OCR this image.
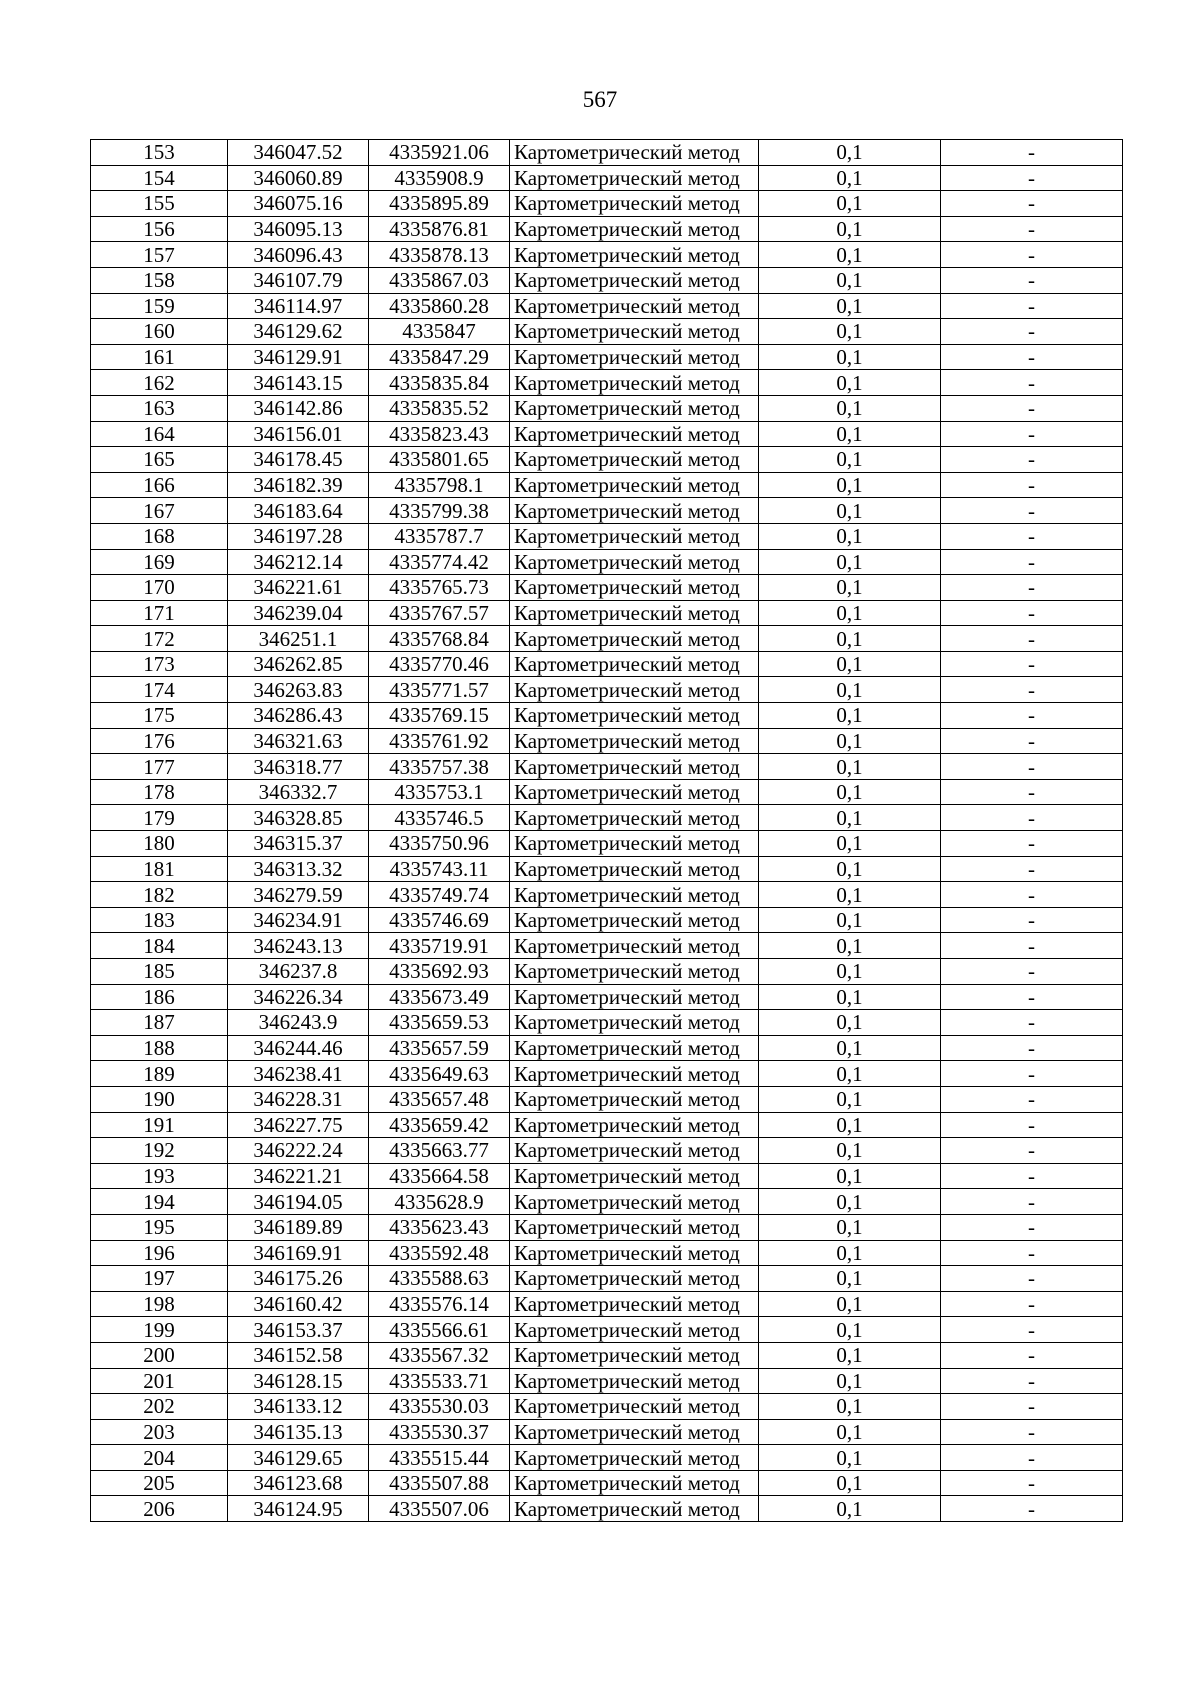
567
153	346047.52	4335921.06	Картометрический метод	0,1	-
154	346060.89	4335908.9	Картометрический метод	0,1	-
155	346075.16	4335895.89	Картометрический метод	0,1	-
156	346095.13	4335876.81	Картометрический метод	0,1	-
157	346096.43	4335878.13	Картометрический метод	0,1	-
158	346107.79	4335867.03	Картометрический метод	0,1	-
159	346114.97	4335860.28	Картометрический метод	0,1	-
160	346129.62	4335847	Картометрический метод	0,1	-
161	346129.91	4335847.29	Картометрический метод	0,1	-
162	346143.15	4335835.84	Картометрический метод	0,1	-
163	346142.86	4335835.52	Картометрический метод	0,1	-
164	346156.01	4335823.43	Картометрический метод	0,1	-
165	346178.45	4335801.65	Картометрический метод	0,1	-
166	346182.39	4335798.1	Картометрический метод	0,1	-
167	346183.64	4335799.38	Картометрический метод	0,1	-
168	346197.28	4335787.7	Картометрический метод	0,1	-
169	346212.14	4335774.42	Картометрический метод	0,1	-
170	346221.61	4335765.73	Картометрический метод	0,1	-
171	346239.04	4335767.57	Картометрический метод	0,1	-
172	346251.1	4335768.84	Картометрический метод	0,1	-
173	346262.85	4335770.46	Картометрический метод	0,1	-
174	346263.83	4335771.57	Картометрический метод	0,1	-
175	346286.43	4335769.15	Картометрический метод	0,1	-
176	346321.63	4335761.92	Картометрический метод	0,1	-
177	346318.77	4335757.38	Картометрический метод	0,1	-
178	346332.7	4335753.1	Картометрический метод	0,1	-
179	346328.85	4335746.5	Картометрический метод	0,1	-
180	346315.37	4335750.96	Картометрический метод	0,1	-
181	346313.32	4335743.11	Картометрический метод	0,1	-
182	346279.59	4335749.74	Картометрический метод	0,1	-
183	346234.91	4335746.69	Картометрический метод	0,1	-
184	346243.13	4335719.91	Картометрический метод	0,1	-
185	346237.8	4335692.93	Картометрический метод	0,1	-
186	346226.34	4335673.49	Картометрический метод	0,1	-
187	346243.9	4335659.53	Картометрический метод	0,1	-
188	346244.46	4335657.59	Картометрический метод	0,1	-
189	346238.41	4335649.63	Картометрический метод	0,1	-
190	346228.31	4335657.48	Картометрический метод	0,1	-
191	346227.75	4335659.42	Картометрический метод	0,1	-
192	346222.24	4335663.77	Картометрический метод	0,1	-
193	346221.21	4335664.58	Картометрический метод	0,1	-
194	346194.05	4335628.9	Картометрический метод	0,1	-
195	346189.89	4335623.43	Картометрический метод	0,1	-
196	346169.91	4335592.48	Картометрический метод	0,1	-
197	346175.26	4335588.63	Картометрический метод	0,1	-
198	346160.42	4335576.14	Картометрический метод	0,1	-
199	346153.37	4335566.61	Картометрический метод	0,1	-
200	346152.58	4335567.32	Картометрический метод	0,1	-
201	346128.15	4335533.71	Картометрический метод	0,1	-
202	346133.12	4335530.03	Картометрический метод	0,1	-
203	346135.13	4335530.37	Картометрический метод	0,1	-
204	346129.65	4335515.44	Картометрический метод	0,1	-
205	346123.68	4335507.88	Картометрический метод	0,1	-
206	346124.95	4335507.06	Картометрический метод	0,1	-
